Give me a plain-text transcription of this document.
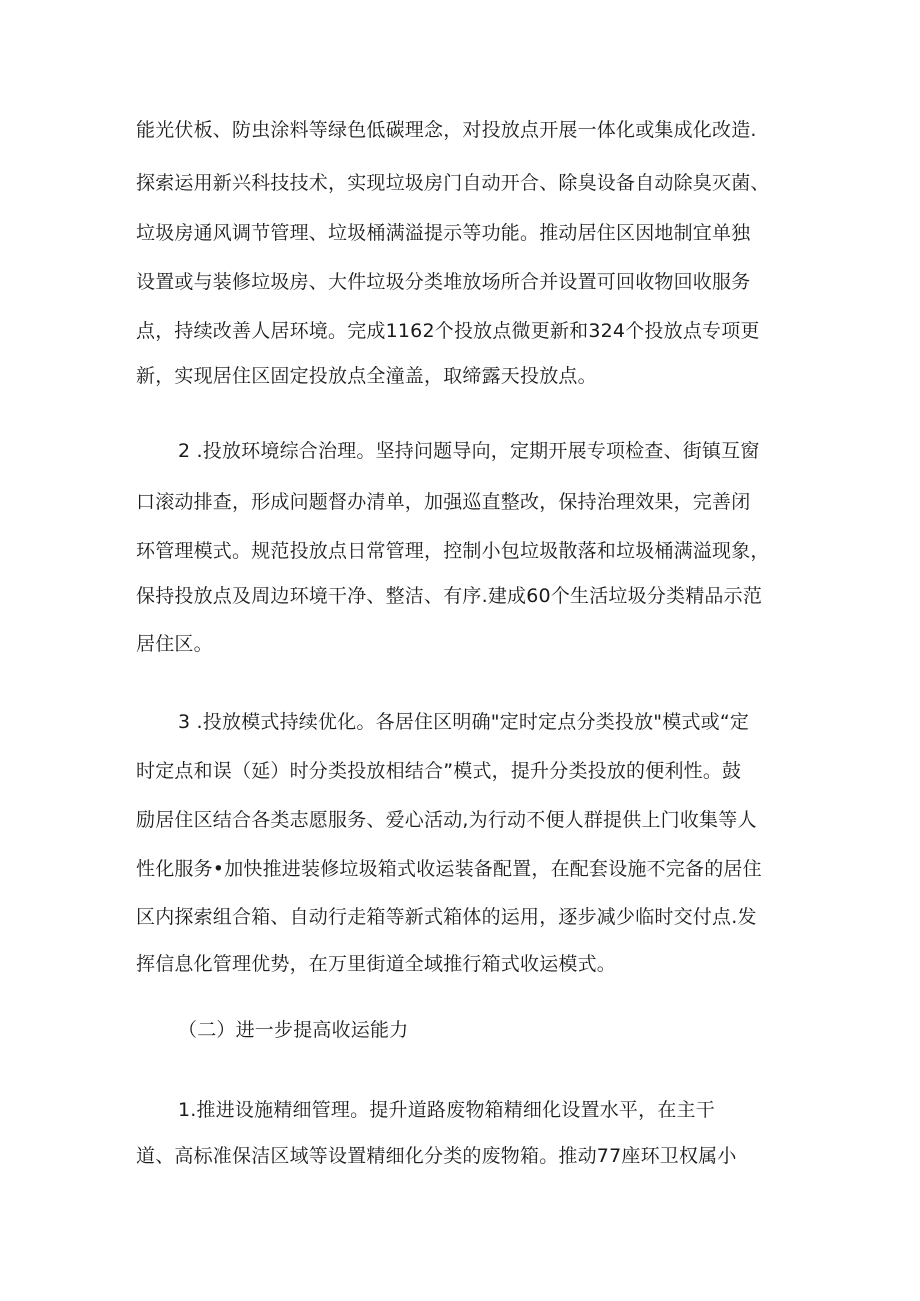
能光伏板、防虫涂料等绿色低碳理念，对投放点开展一体化或集成化改造.
探索运用新兴科技技术，实现垃圾房门自动开合、除臭设备自动除臭灭菌、
垃圾房通风调节管理、垃圾桶满溢提示等功能。推动居住区因地制宜单独
设置或与装修垃圾房、大件垃圾分类堆放场所合并设置可回收物回收服务
点，持续改善人居环境。完成1162个投放点微更新和324个投放点专项更
新，实现居住区固定投放点全潼盖，取缔露天投放点。
2 .投放环境综合治理。坚持问题导向，定期开展专项检查、街镇互窗
口滚动排查，形成问题督办清单，加强巡直整改，保持治理效果，完善闭
环管理模式。规范投放点日常管理，控制小包垃圾散落和垃圾桶满溢现象，
保持投放点及周边环境干净、整洁、有序.建成60个生活垃圾分类精品示范
居住区。
3 .投放模式持续优化。各居住区明确"定时定点分类投放"模式或“定
时定点和误（延）时分类投放相结合”模式，提升分类投放的便利性。鼓
励居住区结合各类志愿服务、爱心活动,为行动不便人群提供上门收集等人
性化服务•加快推进装修垃圾箱式收运装备配置，在配套设施不完备的居住
区内探索组合箱、自动行走箱等新式箱体的运用，逐步减少临时交付点.发
挥信息化管理优势，在万里街道全域推行箱式收运模式。
（二）进一步提高收运能力
1.推进设施精细管理。提升道路废物箱精细化设置水平，在主干
道、高标准保洁区域等设置精细化分类的废物箱。推动77座环卫权属小
